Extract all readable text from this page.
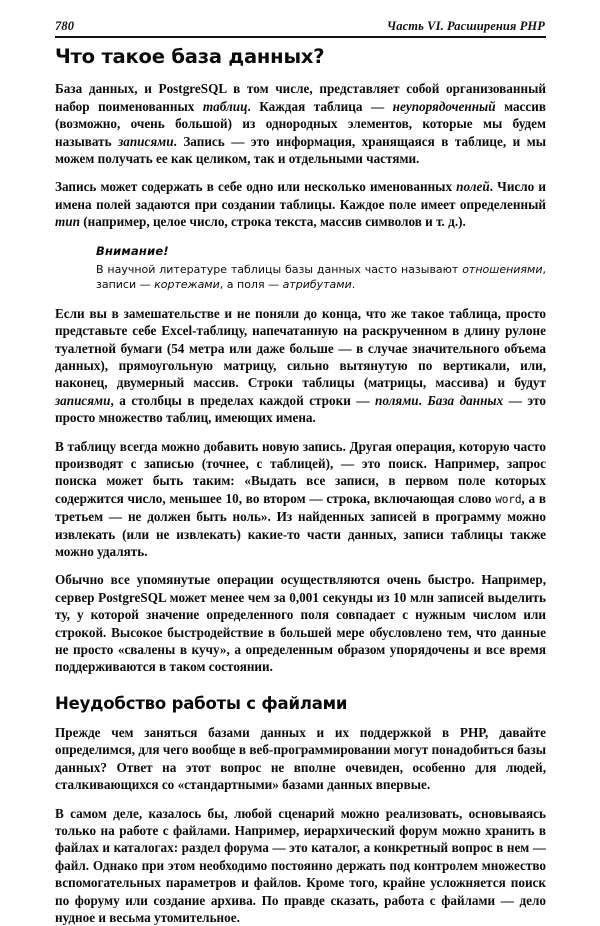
780	Часть VI. Расширения PHP
Что такое база данных?

База данных, и PostgreSQL в том числе, представляет собой организованный набор поименованных таблиц. Каждая таблица — неупорядоченный массив (возможно, очень большой) из однородных элементов, которые мы будем называть записями. Запись — это информация, хранящаяся в таблице, и мы можем получать ее как целиком, так и отдельными частями.

Запись может содержать в себе одно или несколько именованных полей. Число и имена полей задаются при создании таблицы. Каждое поле имеет определенный тип (например, целое число, строка текста, массив символов и т. д.).

Внимание!
В научной литературе таблицы базы данных часто называют отношениями, записи — кортежами, а поля — атрибутами.

Если вы в замешательстве и не поняли до конца, что же такое таблица, просто представьте себе Excel-таблицу, напечатанную на раскрученном в длину рулоне туалетной бумаги (54 метра или даже больше — в случае значительного объема данных), прямоугольную матрицу, сильно вытянутую по вертикали, или, наконец, двумерный массив. Строки таблицы (матрицы, массива) и будут записями, а столбцы в пределах каждой строки — полями. База данных — это просто множество таблиц, имеющих имена.

В таблицу всегда можно добавить новую запись. Другая операция, которую часто производят с записью (точнее, с таблицей), — это поиск. Например, запрос поиска может быть таким: «Выдать все записи, в первом поле которых содержится число, меньшее 10, во втором — строка, включающая слово word, а в третьем — не должен быть ноль». Из найденных записей в программу можно извлекать (или не извлекать) какие-то части данных, записи таблицы также можно удалять.

Обычно все упомянутые операции осуществляются очень быстро. Например, сервер PostgreSQL может менее чем за 0,001 секунды из 10 млн записей выделить ту, у которой значение определенного поля совпадает с нужным числом или строкой. Высокое быстродействие в большей мере обусловлено тем, что данные не просто «свалены в кучу», а определенным образом упорядочены и все время поддерживаются в таком состоянии.

Неудобство работы с файлами

Прежде чем заняться базами данных и их поддержкой в PHP, давайте определимся, для чего вообще в веб-программировании могут понадобиться базы данных? Ответ на этот вопрос не вполне очевиден, особенно для людей, сталкивающихся со «стандартными» базами данных впервые.

В самом деле, казалось бы, любой сценарий можно реализовать, основываясь только на работе с файлами. Например, иерархический форум можно хранить в файлах и каталогах: раздел форума — это каталог, а конкретный вопрос в нем — файл. Однако при этом необходимо постоянно держать под контролем множество вспомогательных параметров и файлов. Кроме того, крайне усложняется поиск по форуму или создание архива. По правде сказать, работа с файлами — дело нудное и весьма утомительное.
